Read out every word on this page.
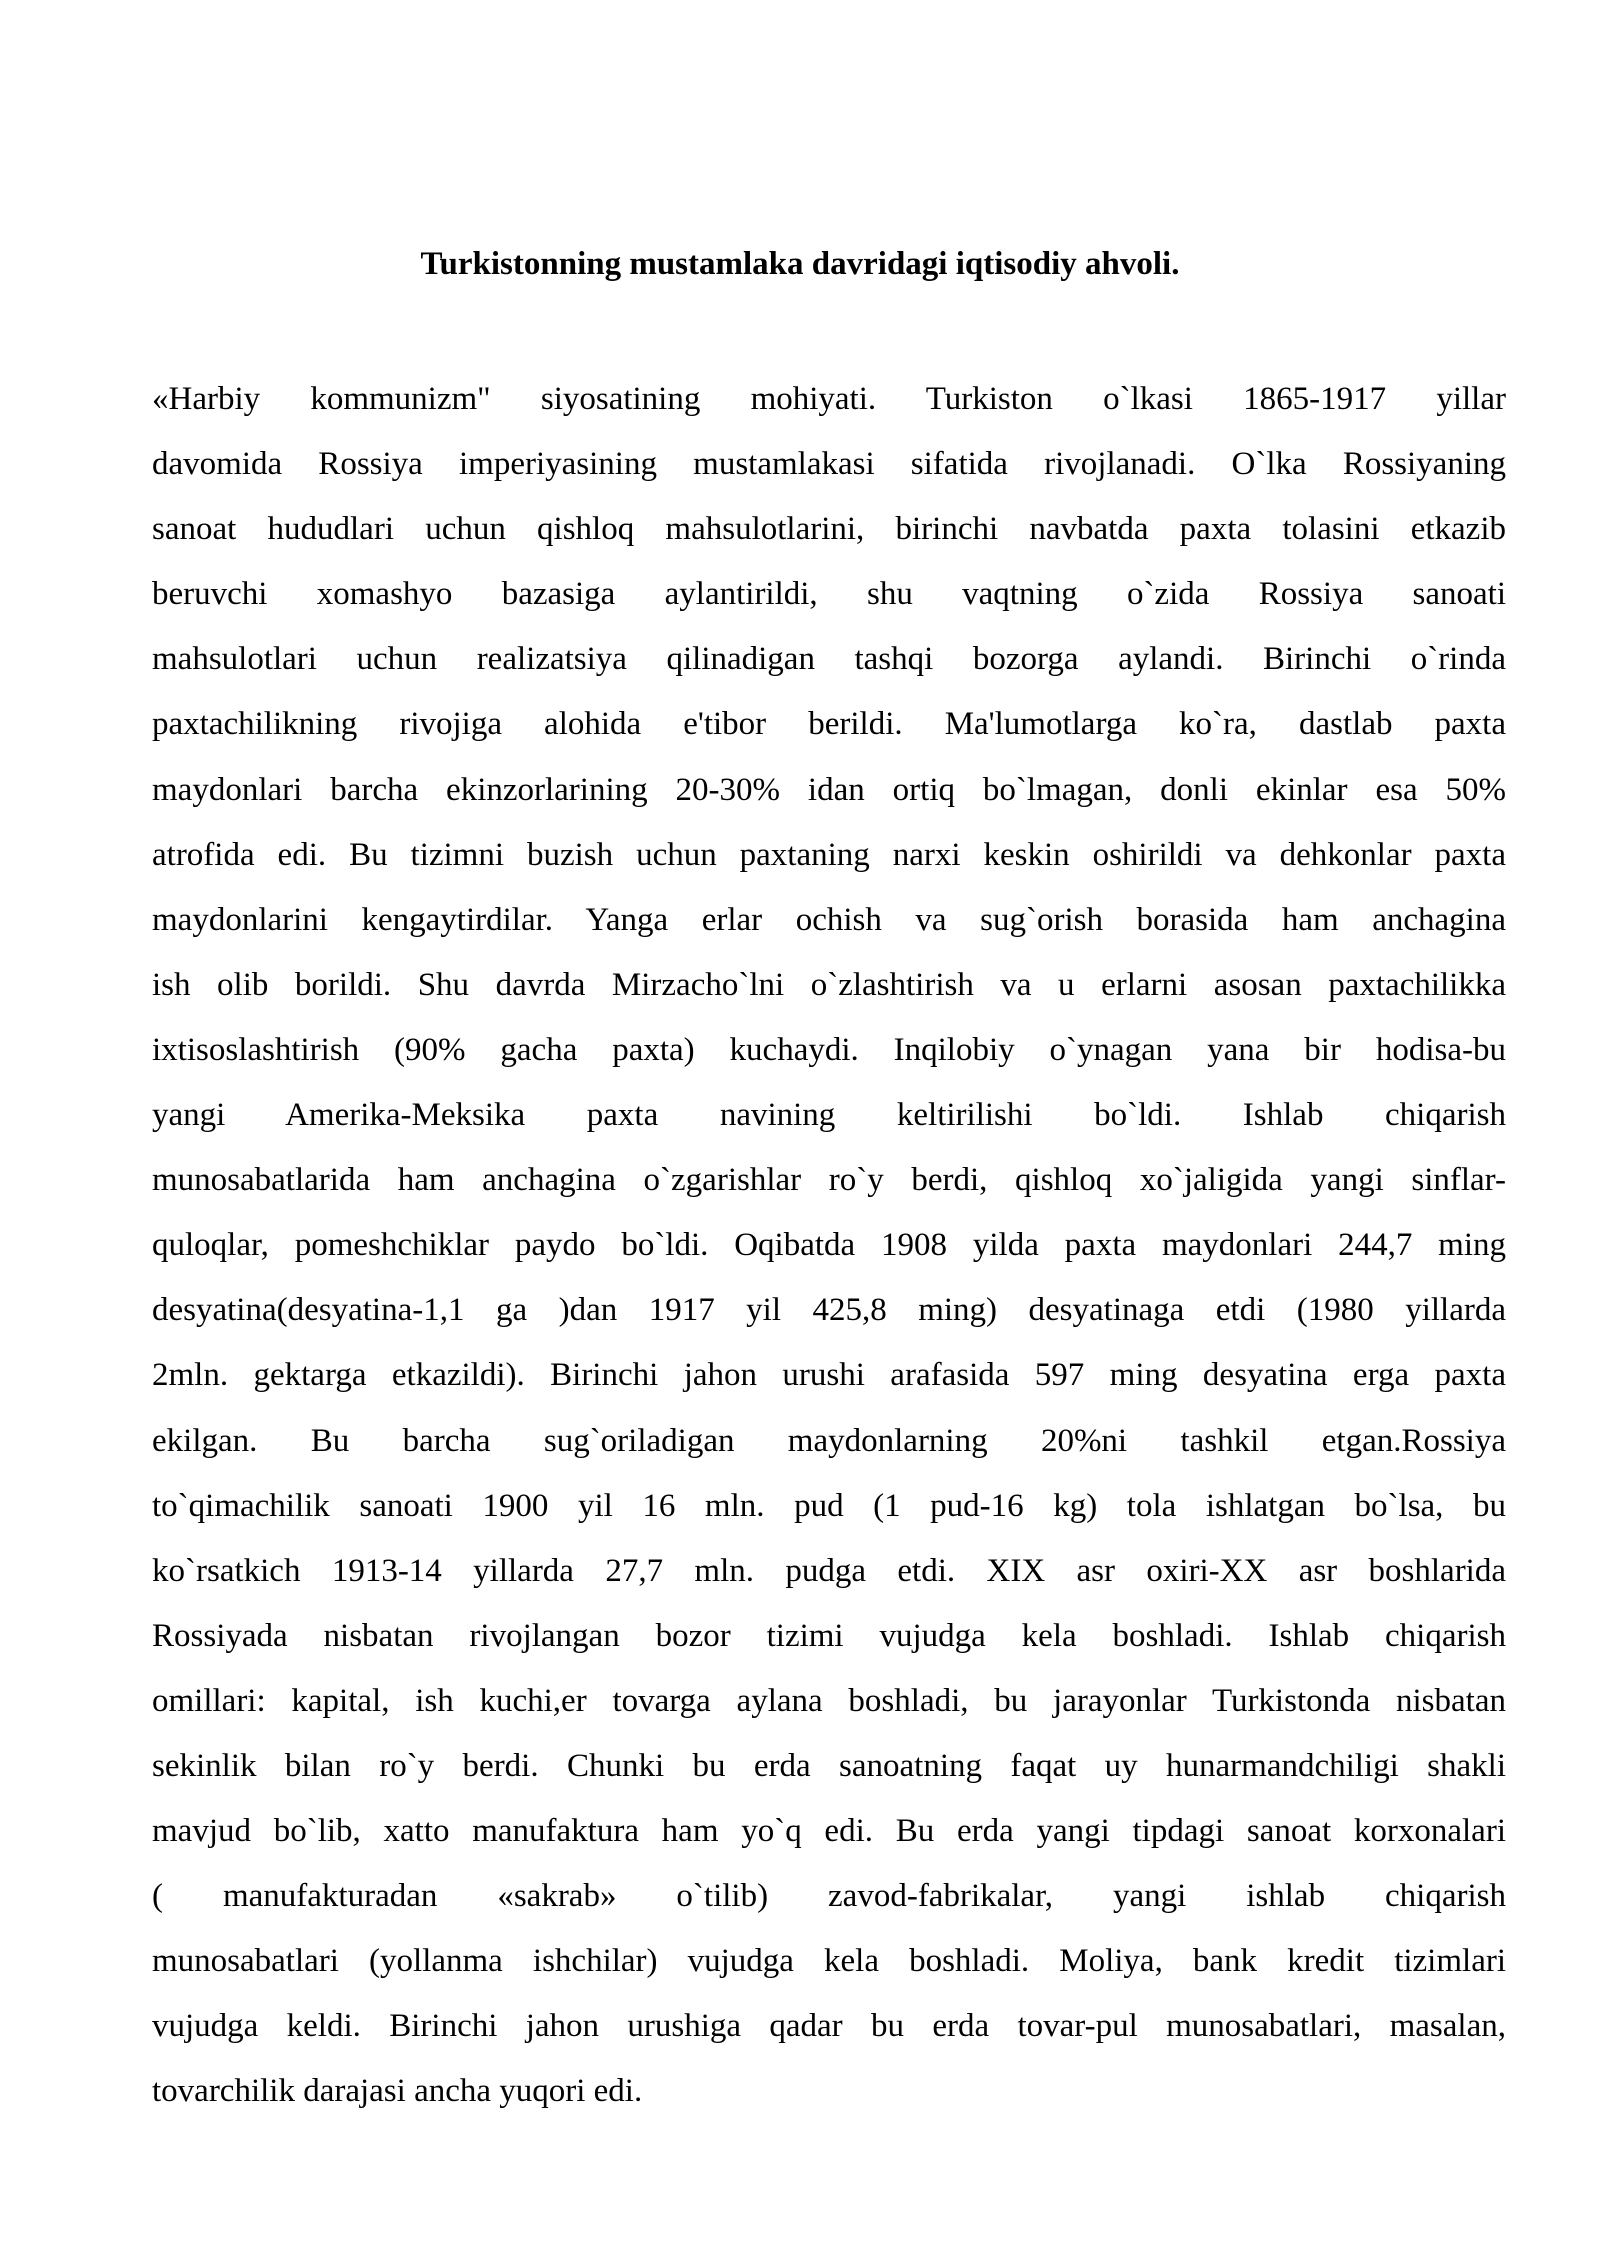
Turkistonning mustamlaka davridagi iqtisodiy ahvoli.
«Harbiy kommunizm" siyosatining mohiyati. Turkiston o`lkasi 1865-1917 yillar
davomida Rossiya imperiyasining mustamlakasi sifatida rivojlanadi. O`lka Rossiyaning
sanoat hududlari uchun qishloq mahsulotlarini, birinchi navbatda paxta tolasini etkazib
beruvchi xomashyo bazasiga aylantirildi, shu vaqtning o`zida Rossiya sanoati
mahsulotlari uchun realizatsiya qilinadigan tashqi bozorga aylandi. Birinchi o`rinda
paxtachilikning rivojiga alohida e'tibor berildi. Ma'lumotlarga ko`ra, dastlab paxta
maydonlari barcha ekinzorlarining 20-30% idan ortiq bo`lmagan, donli ekinlar esa 50%
atrofida edi. Bu tizimni buzish uchun paxtaning narxi keskin oshirildi va dehkonlar paxta
maydonlarini kengaytirdilar. Yanga erlar ochish va sug`orish borasida ham anchagina
ish olib borildi. Shu davrda Mirzacho`lni o`zlashtirish va u erlarni asosan paxtachilikka
ixtisoslashtirish (90% gacha paxta) kuchaydi. Inqilobiy o`ynagan yana bir hodisa-bu
yangi Amerika-Meksika paxta navining keltirilishi bo`ldi. Ishlab chiqarish
munosabatlarida ham anchagina o`zgarishlar ro`y berdi, qishloq xo`jaligida yangi sinflar-
quloqlar, pomeshchiklar paydo bo`ldi. Oqibatda 1908 yilda paxta maydonlari 244,7 ming
desyatina(desyatina-1,1 ga )dan 1917 yil 425,8 ming) desyatinaga etdi (1980 yillarda
2mln. gektarga etkazildi). Birinchi jahon urushi arafasida 597 ming desyatina erga paxta
ekilgan. Bu barcha sug`oriladigan maydonlarning 20%ni tashkil etgan.Rossiya
to`qimachilik sanoati 1900 yil 16 mln. pud (1 pud-16 kg) tola ishlatgan bo`lsa, bu
ko`rsatkich 1913-14 yillarda 27,7 mln. pudga etdi. XIX asr oxiri-XX asr boshlarida
Rossiyada nisbatan rivojlangan bozor tizimi vujudga kela boshladi. Ishlab chiqarish
omillari: kapital, ish kuchi,er tovarga aylana boshladi, bu jarayonlar Turkistonda nisbatan
sekinlik bilan ro`y berdi. Chunki bu erda sanoatning faqat uy hunarmandchiligi shakli
mavjud bo`lib, xatto manufaktura ham yo`q edi. Bu erda yangi tipdagi sanoat korxonalari
( manufakturadan «sakrab» o`tilib) zavod-fabrikalar, yangi ishlab chiqarish
munosabatlari (yollanma ishchilar) vujudga kela boshladi. Moliya, bank kredit tizimlari
vujudga keldi. Birinchi jahon urushiga qadar bu erda tovar-pul munosabatlari, masalan,
tovarchilik darajasi ancha yuqori edi.
